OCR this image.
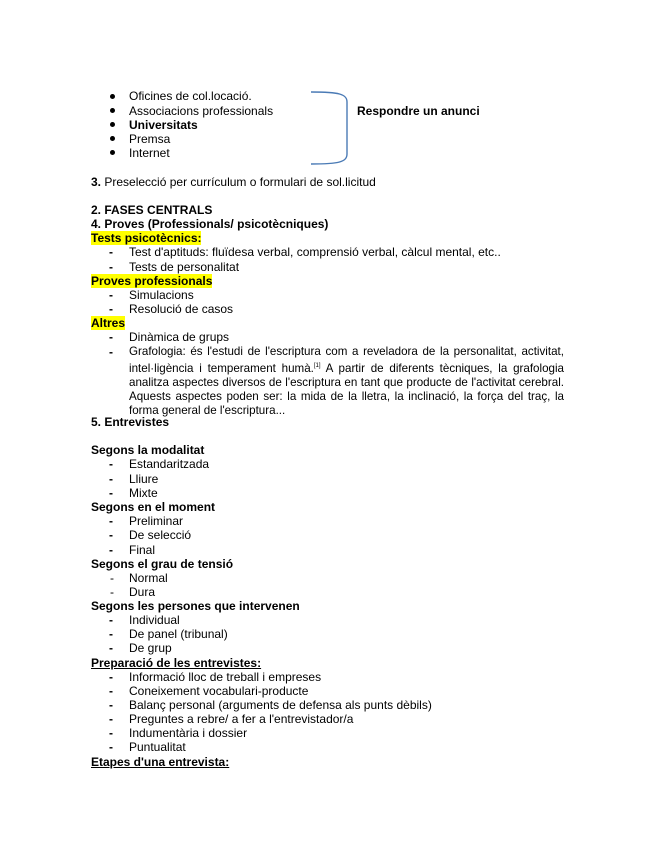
Oficines de col.locació.
Associacions professionals
Universitats
Premsa
Internet
Respondre un anunci
3. Preselecció per currículum o formulari de sol.licitud
2. FASES CENTRALS
4. Proves (Professionals/ psicotècniques)
Tests psicotècnics:
- Test d'aptituds: fluïdesa verbal, comprensió verbal, càlcul mental, etc..
- Tests de personalitat
Proves professionals
- Simulacions
- Resolució de casos
Altres
- Dinàmica de grups
- Grafologia: és l'estudi de l'escriptura com a reveladora de la personalitat, activitat, intel·ligència i temperament humà.[1] A partir de diferents tècniques, la grafologia analitza aspectes diversos de l'escriptura en tant que producte de l'activitat cerebral. Aquests aspectes poden ser: la mida de la lletra, la inclinació, la força del traç, la forma general de l'escriptura...
5. Entrevistes
Segons la modalitat
- Estandaritzada
- Lliure
- Mixte
Segons en el moment
- Preliminar
- De selecció
- Final
Segons el grau de tensió
- Normal
- Dura
Segons les persones que intervenen
- Individual
- De panel (tribunal)
- De grup
Preparació de les entrevistes:
- Informació lloc de treball i empreses
- Coneixement vocabulari-producte
- Balanç personal (arguments de defensa als punts dèbils)
- Preguntes a rebre/ a fer a l'entrevistador/a
- Indumentària i dossier
- Puntualitat
Etapes d'una entrevista:
